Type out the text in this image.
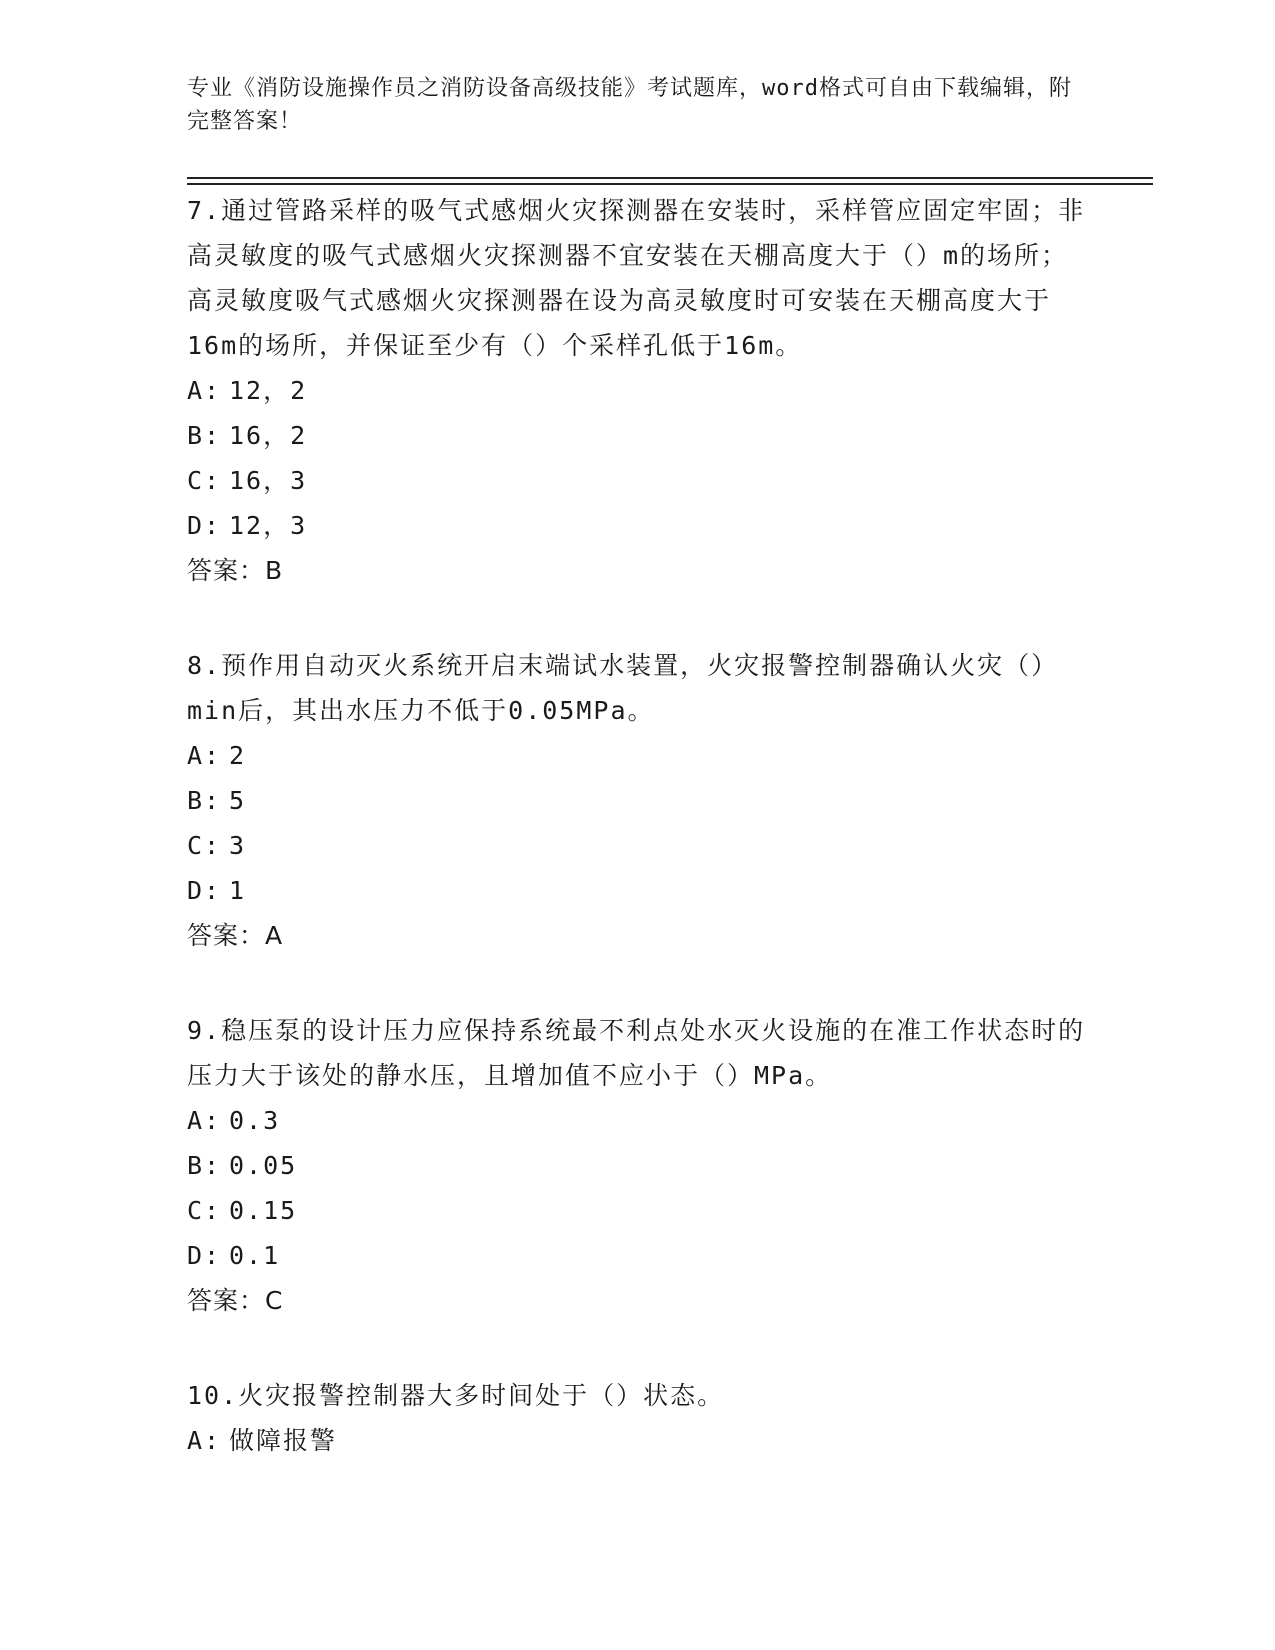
专业《消防设施操作员之消防设备高级技能》考试题库，word格式可自由下载编辑，附完整答案！

7.通过管路采样的吸气式感烟火灾探测器在安装时，采样管应固定牢固；非高灵敏度的吸气式感烟火灾探测器不宜安装在天棚高度大于（）m的场所；高灵敏度吸气式感烟火灾探测器在设为高灵敏度时可安装在天棚高度大于16m的场所，并保证至少有（）个采样孔低于16m。

A: 12，2
B: 16，2
C: 16，3
D: 12，3
答案：B

8.预作用自动灭火系统开启末端试水装置，火灾报警控制器确认火灾（）min后，其出水压力不低于0.05MPa。

A: 2
B: 5
C: 3
D: 1
答案：A

9.稳压泵的设计压力应保持系统最不利点处水灭火设施的在准工作状态时的压力大于该处的静水压，且增加值不应小于（）MPa。

A: 0.3
B: 0.05
C: 0.15
D: 0.1
答案：C

10.火灾报警控制器大多时间处于（）状态。

A: 做障报警
